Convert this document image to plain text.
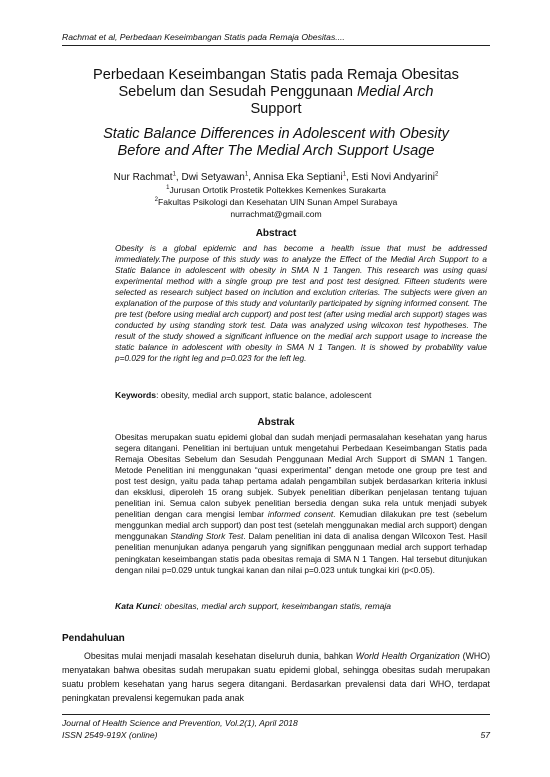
Rachmat et al, Perbedaan Keseimbangan Statis pada Remaja Obesitas....
Perbedaan Keseimbangan Statis pada Remaja Obesitas
Sebelum dan Sesudah Penggunaan Medial Arch
Support
Static Balance Differences in Adolescent with Obesity
Before and After The Medial Arch Support Usage
Nur Rachmat$^1$, Dwi Setyawan$^1$, Annisa Eka Septiani$^1$, Esti Novi Andyarini$^2$
$^1$Jurusan Ortotik Prostetik Poltekkes Kemenkes Surakarta
$^2$Fakultas Psikologi dan Kesehatan UIN Sunan Ampel Surabaya
nurrachmat@gmail.com
Abstract
Obesity is a global epidemic and has become a health issue that must be addressed immediately.The purpose of this study was to analyze the Effect of the Medial Arch Support to a Static Balance in adolescent with obesity in SMA N 1 Tangen. This research was using quasi experimental method with a single group pre test and post test designed. Fifteen students were selected as research subject based on inclution and exclution criterias. The subjects were given an explanation of the purpose of this study and voluntarily participated by signing informed consent. The pre test (before using medial arch cupport) and post test (after using medial arch support) stages was conducted by using standing stork test. Data was analyzed using wilcoxon test hypotheses. The result of the study showed a significant influence on the medial arch support usage to increase the static balance in adolescent with obesity in SMA N 1 Tangen. It is showed by probability value p=0.029 for the right leg and p=0.023 for the left leg.
Keywords: obesity, medial arch support, static balance, adolescent
Abstrak
Obesitas merupakan suatu epidemi global dan sudah menjadi permasalahan kesehatan yang harus segera ditangani. Penelitian ini bertujuan untuk mengetahui Perbedaan Keseimbangan Statis pada Remaja Obesitas Sebelum dan Sesudah Penggunaan Medial Arch Support di SMAN 1 Tangen. Metode Penelitian ini menggunakan “quasi experimental” dengan metode one group pre test and post test design, yaitu pada tahap pertama adalah pengambilan subjek berdasarkan kriteria inklusi dan eksklusi, diperoleh 15 orang subjek. Subyek penelitian diberikan penjelasan tentang tujuan penelitian ini. Semua calon subyek penelitian bersedia dengan suka rela untuk menjadi subyek penelitian dengan cara mengisi lembar informed consent. Kemudian dilakukan pre test (sebelum menggunkan medial arch support) dan post test (setelah menggunakan medial arch support) dengan menggunakan Standing Stork Test. Dalam penelitian ini data di analisa dengan Wilcoxon Test. Hasil penelitian menunjukan adanya pengaruh yang signifikan penggunaan medial arch support terhadap peningkatan keseimbangan statis pada obesitas remaja di SMA N 1 Tangen. Hal tersebut ditunjukan dengan nilai p=0.029 untuk tungkai kanan dan nilai p=0.023 untuk tungkai kiri (p<0.05).
Kata Kunci: obesitas, medial arch support, keseimbangan statis, remaja
Pendahuluan
Obesitas mulai menjadi masalah kesehatan diseluruh dunia, bahkan World Health Organization (WHO) menyatakan bahwa obesitas sudah merupakan suatu epidemi global, sehingga obesitas sudah merupakan suatu problem kesehatan yang harus segera ditangani. Berdasarkan prevalensi data dari WHO, terdapat peningkatan prevalensi kegemukan pada anak
Journal of Health Science and Prevention, Vol.2(1), April 2018
ISSN 2549-919X (online)	57
